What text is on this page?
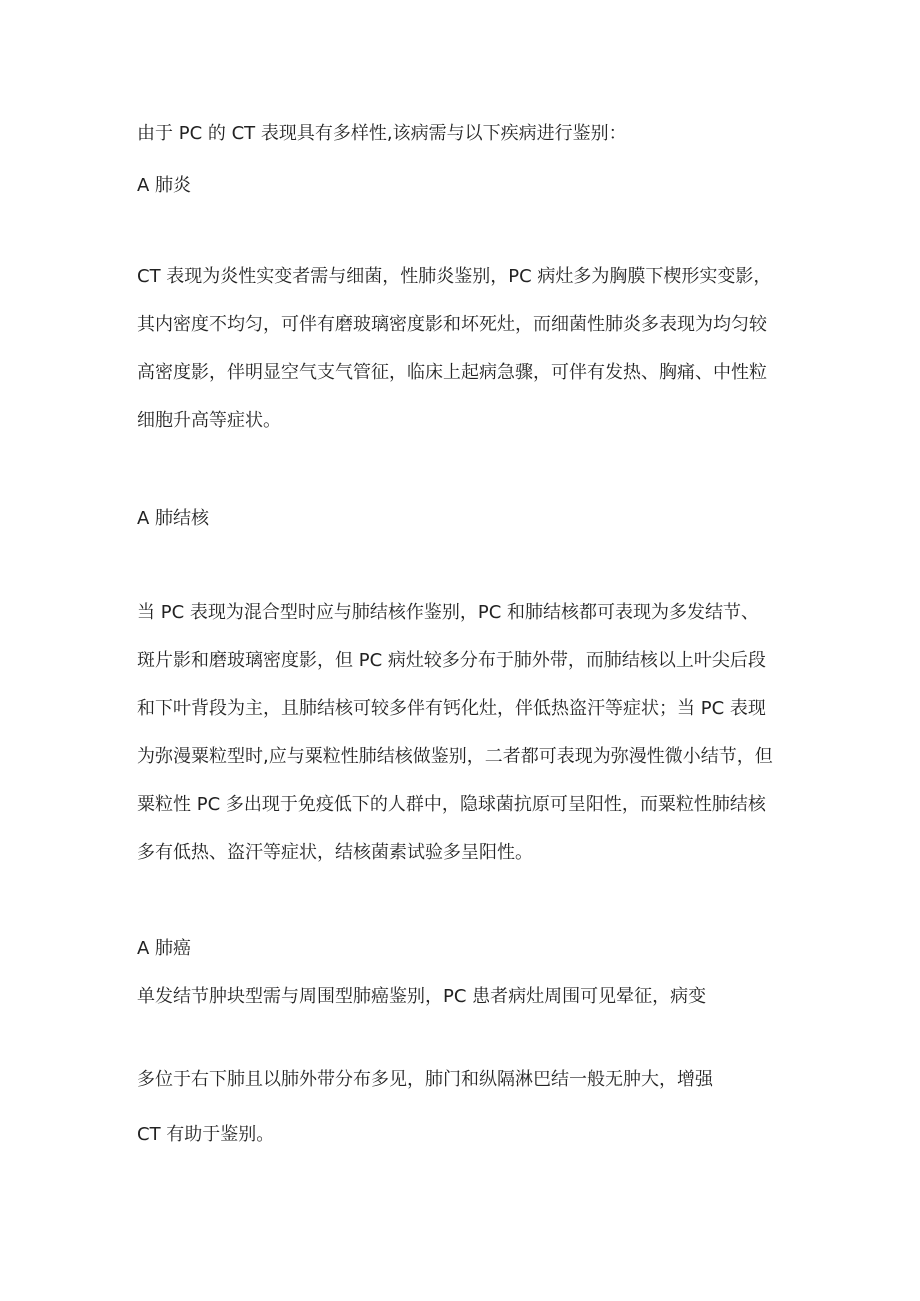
由于 PC 的 CT 表现具有多样性,该病需与以下疾病进行鉴别：

A 肺炎

CT 表现为炎性实变者需与细菌，性肺炎鉴别，PC 病灶多为胸膜下楔形实变影，

其内密度不均匀，可伴有磨玻璃密度影和坏死灶，而细菌性肺炎多表现为均匀较

高密度影，伴明显空气支气管征，临床上起病急骤，可伴有发热、胸痛、中性粒

细胞升高等症状。

A 肺结核

当 PC 表现为混合型时应与肺结核作鉴别，PC 和肺结核都可表现为多发结节、

斑片影和磨玻璃密度影，但 PC 病灶较多分布于肺外带，而肺结核以上叶尖后段

和下叶背段为主，且肺结核可较多伴有钙化灶，伴低热盗汗等症状；当 PC 表现

为弥漫粟粒型时,应与粟粒性肺结核做鉴别，二者都可表现为弥漫性微小结节，但

粟粒性 PC 多出现于免疫低下的人群中，隐球菌抗原可呈阳性，而粟粒性肺结核

多有低热、盗汗等症状，结核菌素试验多呈阳性。

A 肺癌

单发结节肿块型需与周围型肺癌鉴别，PC 患者病灶周围可见晕征，病变

多位于右下肺且以肺外带分布多见，肺门和纵隔淋巴结一般无肿大，增强

CT 有助于鉴别。
